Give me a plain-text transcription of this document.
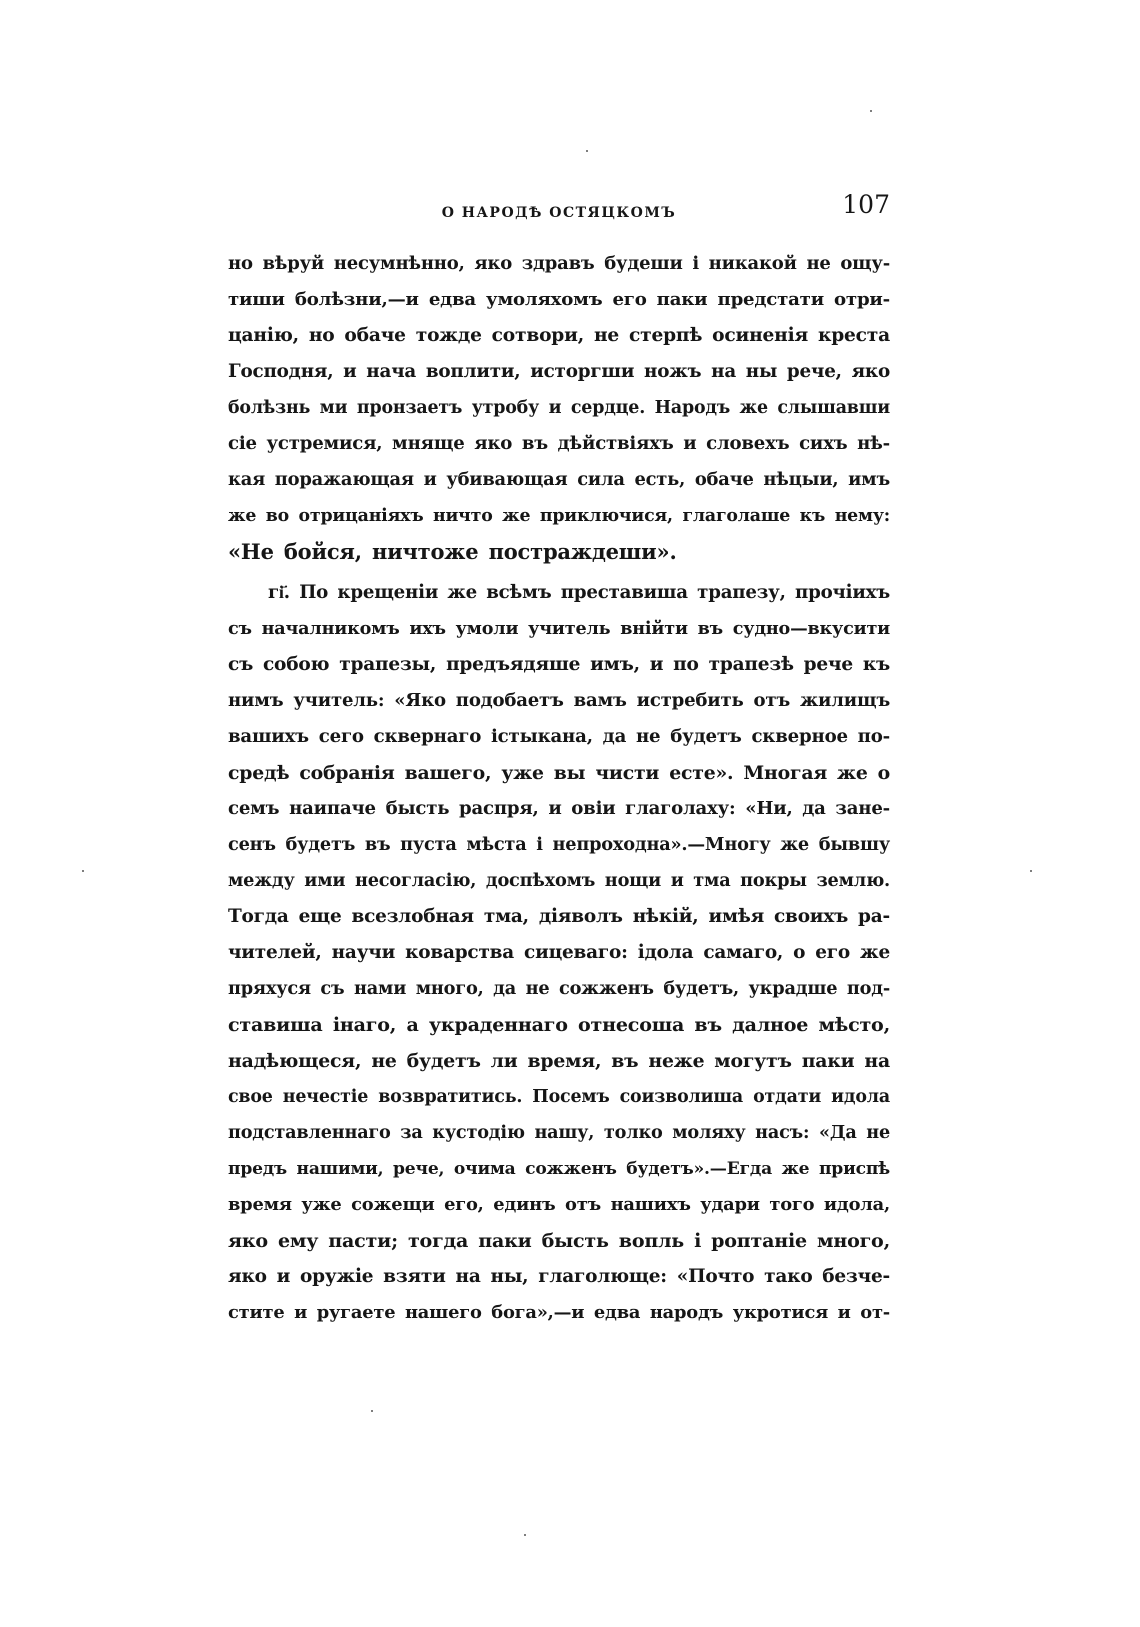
О НАРОДѢ ОСТЯЦКОМЪ	107
но вѣруй несумнѣнно, яко здравъ будеши і никакой не ощу-
тиши болѣзни,—и едва умоляхомъ его паки предстати отри-
цанію, но обаче тожде сотвори, не стерпѣ осиненія креста
Господня, и нача воплити, исторгши ножъ на ны рече, яко
болѣзнь ми пронзаетъ утробу и сердце. Народъ же слышавши
сіе устремися, мняще яко въ дѣйствіяхъ и словехъ сихъ нѣ-
кая поражающая и убивающая сила есть, обаче нѣцыи, имъ
же во отрицаніяхъ ничто же приключися, глаголаше къ нему:
«Не бойся, ничтоже постраждеши».
гі҃. По крещеніи же всѣмъ преставиша трапезу, прочіихъ
съ началникомъ ихъ умоли учитель внійти въ судно—вкусити
съ собою трапезы, предъядяше имъ, и по трапезѣ рече къ
нимъ учитель: «Яко подобаетъ вамъ истребить отъ жилищъ
вашихъ сего сквернаго істыкана, да не будетъ скверное по-
средѣ собранія вашего, уже вы чисти есте». Многая же о
семъ наипаче бысть распря, и овіи глаголаху: «Ни, да зане-
сенъ будетъ въ пуста мѣста і непроходна».—Многу же бывшу
между ими несогласію, доспѣхомъ нощи и тма покры землю.
Тогда еще всезлобная тма, діяволъ нѣкій, имѣя своихъ ра-
чителей, научи коварства сицеваго: ідола самаго, о его же
пряхуся съ нами много, да не сожженъ будетъ, украдше под-
ставиша інаго, а украденнаго отнесоша въ далное мѣсто,
надѣющеся, не будетъ ли время, въ неже могутъ паки на
свое нечестіе возвратитись. Посемъ соизволиша отдати идола
подставленнаго за кустодію нашу, толко моляху насъ: «Да не
предъ нашими, рече, очима сожженъ будетъ».—Егда же приспѣ
время уже сожещи его, единъ отъ нашихъ удари того идола,
яко ему пасти; тогда паки бысть вопль і роптаніе много,
яко и оружіе взяти на ны, глаголюще: «Почто тако безче-
стите и ругаете нашего бога»,—и едва народъ укротися и от-
